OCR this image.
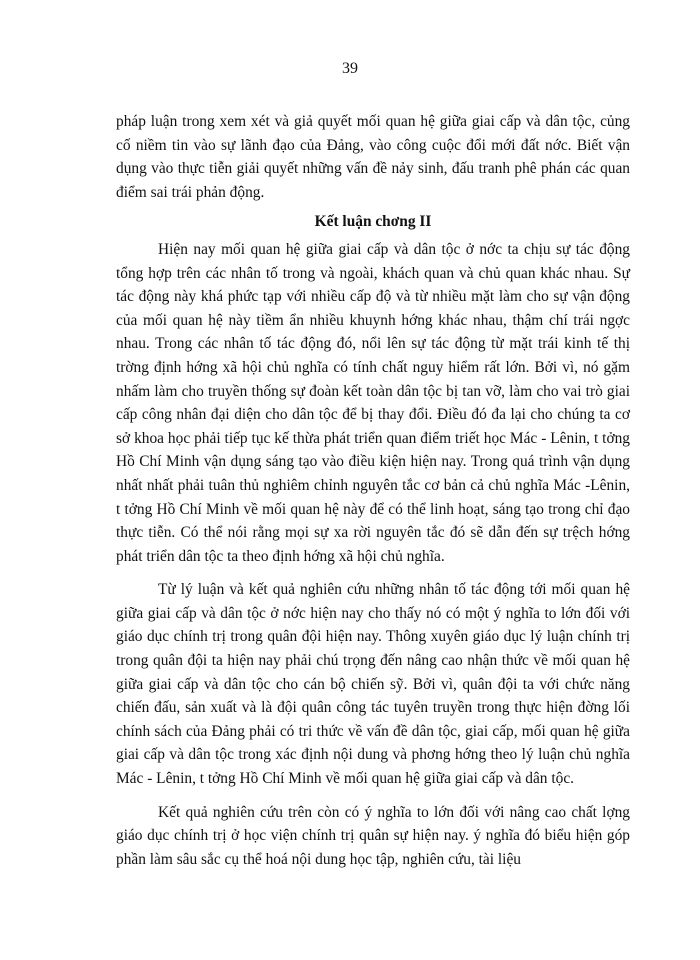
39

pháp luận trong xem xét và giả quyết mối quan hệ giữa giai cấp và dân tộc, củng cố niềm tin vào sự lãnh đạo của Đảng, vào công cuộc đổi mới đất nớc. Biết vận dụng vào thực tiễn giải quyết những vấn đề nảy sinh, đấu tranh phê phán các quan điểm sai trái phản động.

Kết luận chơng II

Hiện nay mối quan hệ giữa giai cấp và dân tộc ở nớc ta chịu sự tác động tổng hợp trên các nhân tố trong và ngoài, khách quan và chủ quan khác nhau. Sự tác động này khá phức tạp với nhiều cấp độ và từ nhiều mặt làm cho sự vận động của mối quan hệ này tiềm ẩn nhiều khuynh hớng khác nhau, thậm chí trái ngợc nhau. Trong các nhân tố tác động đó, nổi lên sự tác động từ mặt trái kinh tế thị trờng định hớng xã hội chủ nghĩa có tính chất nguy hiểm rất lớn. Bởi vì, nó gặm nhấm làm cho truyền thống sự đoàn kết toàn dân tộc bị tan vỡ, làm cho vai trò giai cấp công nhân đại diện cho dân tộc để bị thay đổi. Điều đó đa lại cho chúng ta cơ sở khoa học phải tiếp tục kế thừa phát triển quan điểm triết học Mác - Lênin, t tởng Hồ Chí Minh vận dụng sáng tạo vào điều kiện hiện nay. Trong quá trình vận dụng nhất nhất phải tuân thủ nghiêm chỉnh nguyên tắc cơ bản cả chủ nghĩa Mác -Lênin, t tởng Hồ Chí Minh về mối quan hệ này để có thể linh hoạt, sáng tạo trong chỉ đạo thực tiễn. Có thể nói rằng mọi sự xa rời nguyên tắc đó sẽ dẫn đến sự trệch hớng phát triển dân tộc ta theo định hớng xã hội chủ nghĩa.

Từ lý luận và kết quả nghiên cứu những nhân tố tác động tới mối quan hệ giữa giai cấp và dân tộc ở nớc hiện nay cho thấy nó có một ý nghĩa to lớn đối với giáo dục chính trị trong quân đội hiện nay. Thông xuyên giáo dục lý luận chính trị trong quân đội ta hiện nay phải chú trọng đến nâng cao nhận thức về mối quan hệ giữa giai cấp và dân tộc cho cán bộ chiến sỹ. Bởi vì, quân đội ta với chức năng chiến đấu, sản xuất và là đội quân công tác tuyên truyền trong thực hiện đờng lối chính sách của Đảng phải có tri thức về vấn đề dân tộc, giai cấp, mối quan hệ giữa giai cấp và dân tộc trong xác định nội dung và phơng hớng theo lý luận chủ nghĩa Mác - Lênin, t tởng Hồ Chí Minh về mối quan hệ giữa giai cấp và dân tộc.

Kết quả nghiên cứu trên còn có ý nghĩa to lớn đối với nâng cao chất lợng giáo dục chính trị ở học viện chính trị quân sự hiện nay. ý nghĩa đó biểu hiện góp phần làm sâu sắc cụ thể hoá nội dung học tập, nghiên cứu, tài liệu
